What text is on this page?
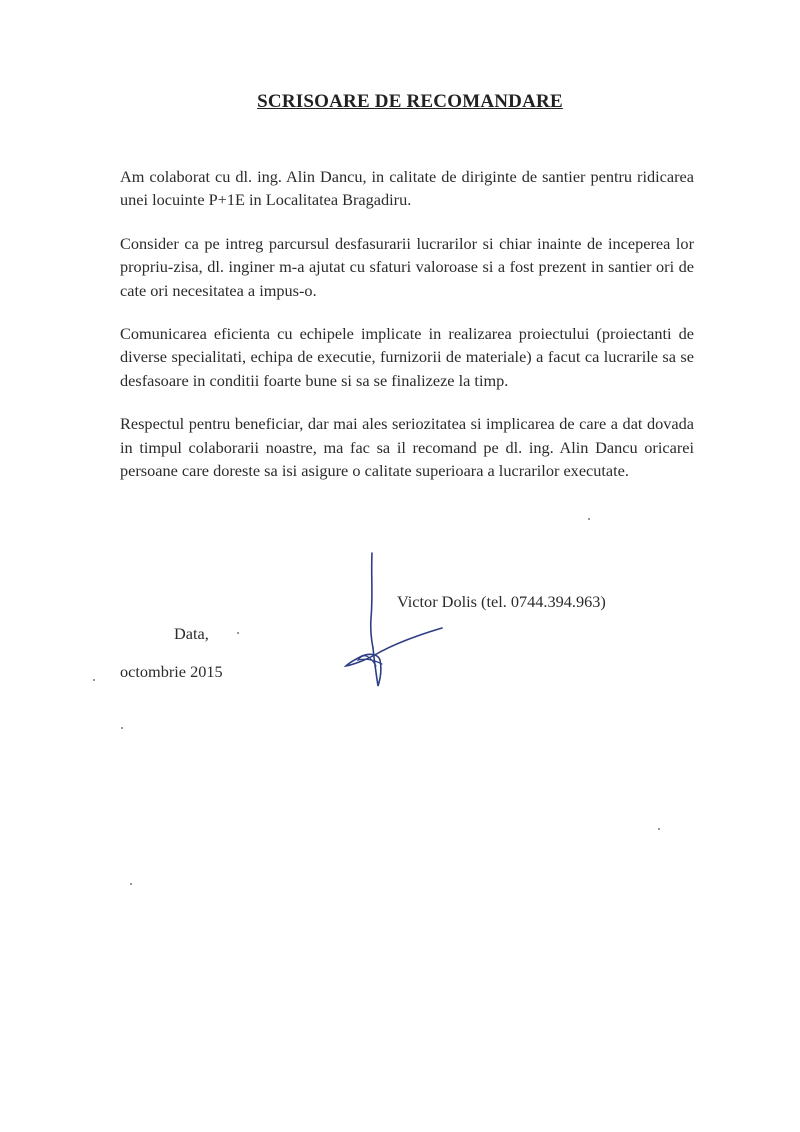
SCRISOARE DE RECOMANDARE

Am colaborat cu dl. ing. Alin Dancu, in calitate de diriginte de santier pentru ridicarea unei locuinte P+1E in Localitatea Bragadiru.

Consider ca pe intreg parcursul desfasurarii lucrarilor si chiar inainte de inceperea lor propriu-zisa, dl. inginer m-a ajutat cu sfaturi valoroase si a fost prezent in santier ori de cate ori necesitatea a impus-o.

Comunicarea eficienta cu echipele implicate in realizarea proiectului (proiectanti de diverse specialitati, echipa de executie, furnizorii de materiale) a facut ca lucrarile sa se desfasoare in conditii foarte bune si sa se finalizeze la timp.

Respectul pentru beneficiar, dar mai ales seriozitatea si implicarea de care a dat dovada in timpul colaborarii noastre, ma fac sa il recomand pe dl. ing. Alin Dancu oricarei persoane care doreste sa isi asigure o calitate superioara a lucrarilor executate.

Victor Dolis (tel. 0744.394.963)
Data,
octombrie 2015
